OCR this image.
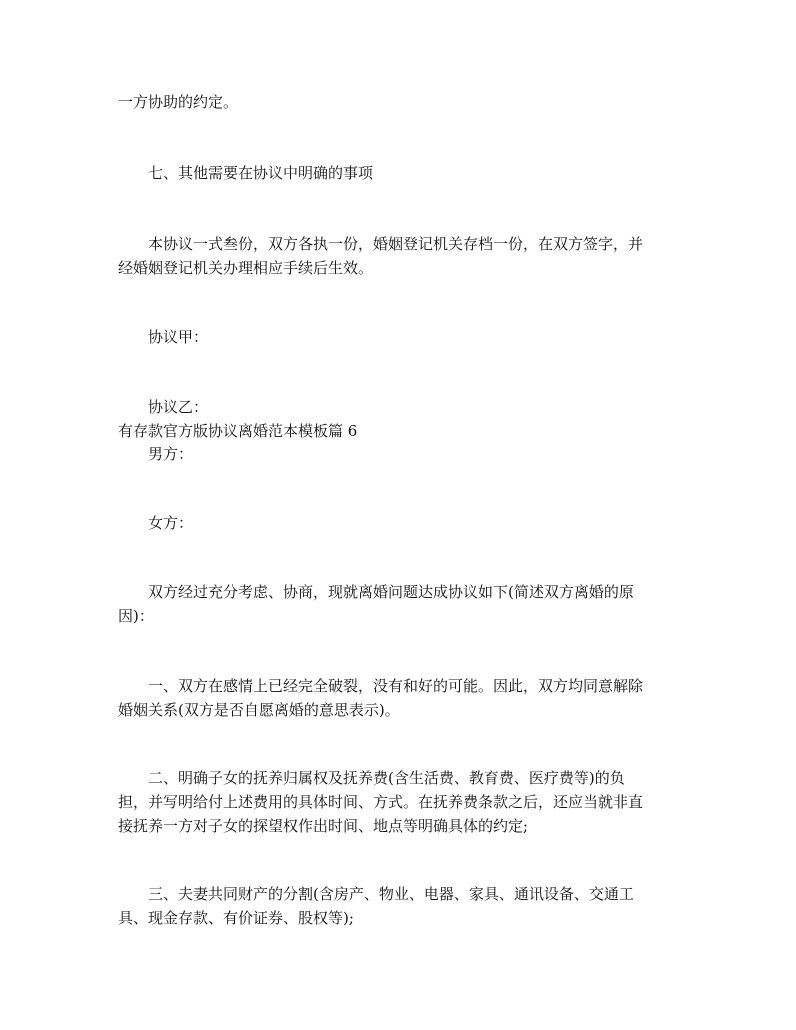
一方协助的约定。

七、其他需要在协议中明确的事项

本协议一式叁份，双方各执一份，婚姻登记机关存档一份，在双方签字，并

经婚姻登记机关办理相应手续后生效。

协议甲：

协议乙：

有存款官方版协议离婚范本模板篇 6

男方：

女方：

双方经过充分考虑、协商，现就离婚问题达成协议如下(简述双方离婚的原

因)：

一、双方在感情上已经完全破裂，没有和好的可能。因此，双方均同意解除

婚姻关系(双方是否自愿离婚的意思表示)。

二、明确子女的抚养归属权及抚养费(含生活费、教育费、医疗费等)的负

担，并写明给付上述费用的具体时间、方式。在抚养费条款之后，还应当就非直

接抚养一方对子女的探望权作出时间、地点等明确具体的约定;

三、夫妻共同财产的分割(含房产、物业、电器、家具、通讯设备、交通工

具、现金存款、有价证券、股权等);
